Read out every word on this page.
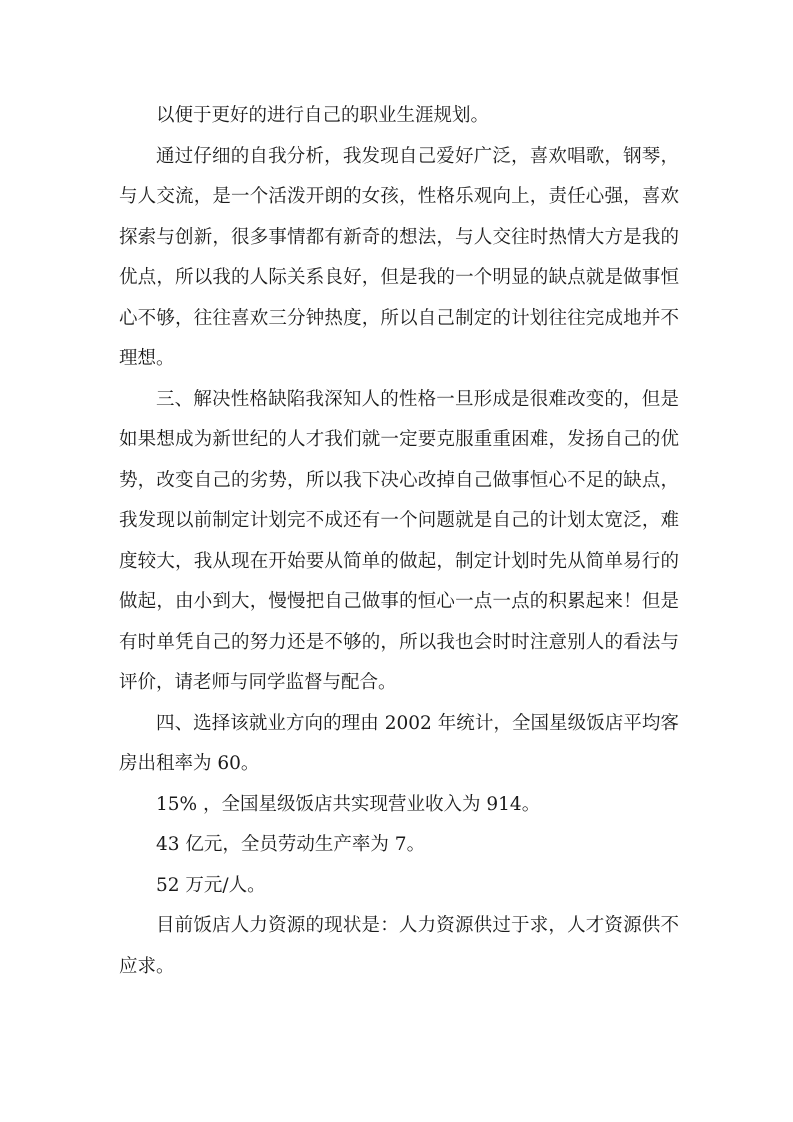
以便于更好的进行自己的职业生涯规划。

通过仔细的自我分析，我发现自己爱好广泛，喜欢唱歌，钢琴，与人交流，是一个活泼开朗的女孩，性格乐观向上，责任心强，喜欢探索与创新，很多事情都有新奇的想法，与人交往时热情大方是我的优点，所以我的人际关系良好，但是我的一个明显的缺点就是做事恒心不够，往往喜欢三分钟热度，所以自己制定的计划往往完成地并不理想。

三、解决性格缺陷我深知人的性格一旦形成是很难改变的，但是如果想成为新世纪的人才我们就一定要克服重重困难，发扬自己的优势，改变自己的劣势，所以我下决心改掉自己做事恒心不足的缺点，我发现以前制定计划完不成还有一个问题就是自己的计划太宽泛，难度较大，我从现在开始要从简单的做起，制定计划时先从简单易行的做起，由小到大，慢慢把自己做事的恒心一点一点的积累起来！但是有时单凭自己的努力还是不够的，所以我也会时时注意别人的看法与评价，请老师与同学监督与配合。

四、选择该就业方向的理由 2002 年统计，全国星级饭店平均客房出租率为 60。

15% ，全国星级饭店共实现营业收入为 914。

43 亿元，全员劳动生产率为 7。

52 万元/人。

目前饭店人力资源的现状是：人力资源供过于求，人才资源供不应求。
